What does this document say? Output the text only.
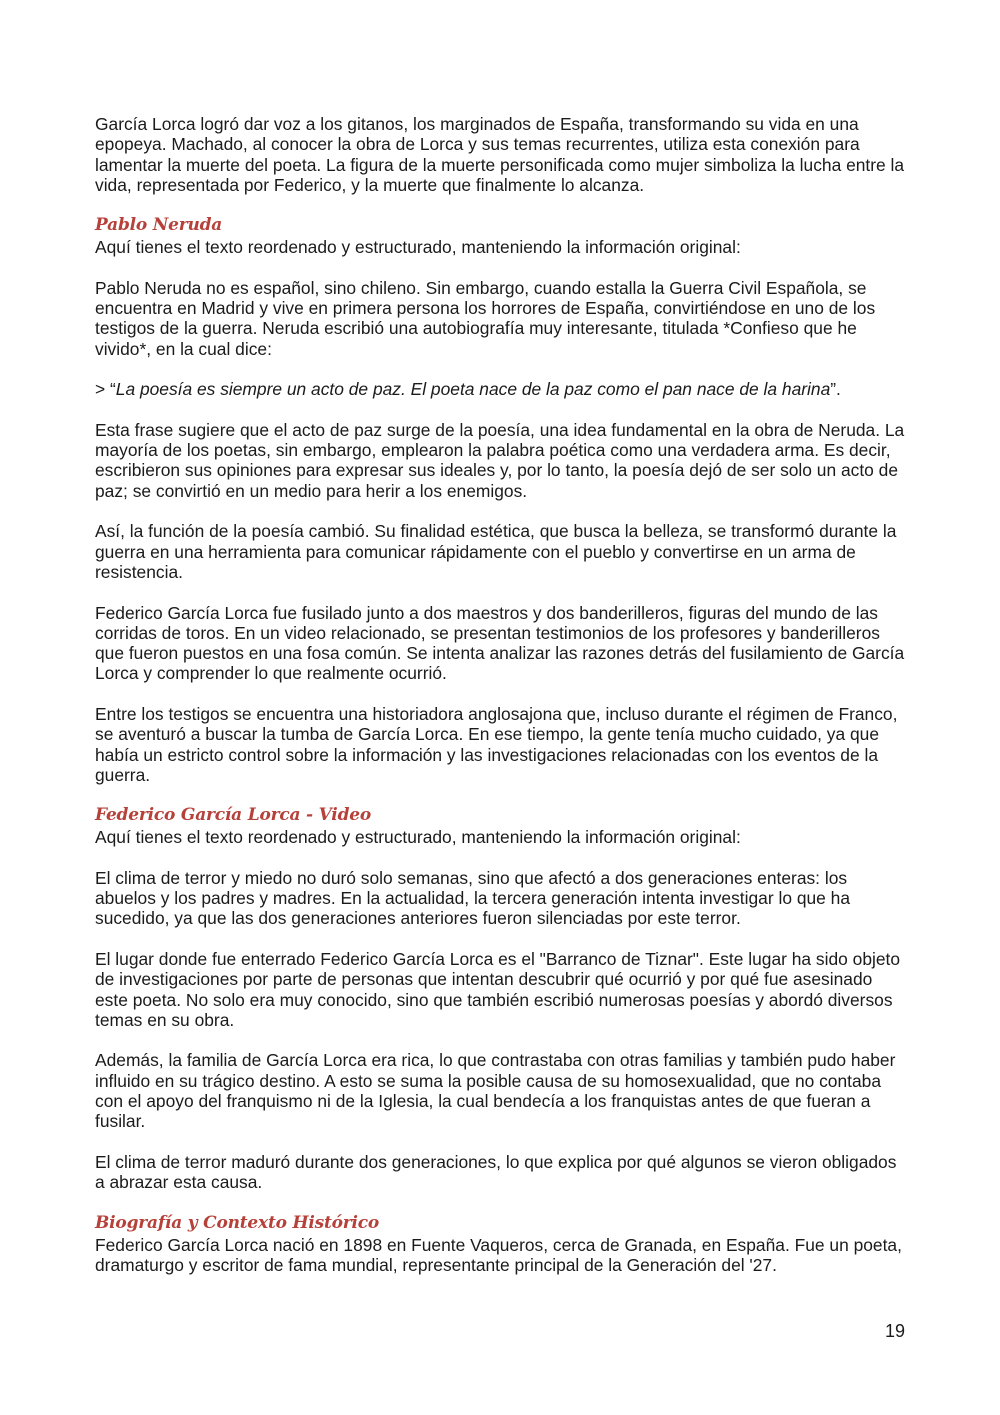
García Lorca logró dar voz a los gitanos, los marginados de España, transformando su vida en una epopeya. Machado, al conocer la obra de Lorca y sus temas recurrentes, utiliza esta conexión para lamentar la muerte del poeta. La figura de la muerte personificada como mujer simboliza la lucha entre la vida, representada por Federico, y la muerte que finalmente lo alcanza.

Pablo Neruda

Aquí tienes el texto reordenado y estructurado, manteniendo la información original:

Pablo Neruda no es español, sino chileno. Sin embargo, cuando estalla la Guerra Civil Española, se encuentra en Madrid y vive en primera persona los horrores de España, convirtiéndose en uno de los testigos de la guerra. Neruda escribió una autobiografía muy interesante, titulada *Confieso que he vivido*, en la cual dice:

> “La poesía es siempre un acto de paz. El poeta nace de la paz como el pan nace de la harina”.

Esta frase sugiere que el acto de paz surge de la poesía, una idea fundamental en la obra de Neruda. La mayoría de los poetas, sin embargo, emplearon la palabra poética como una verdadera arma. Es decir, escribieron sus opiniones para expresar sus ideales y, por lo tanto, la poesía dejó de ser solo un acto de paz; se convirtió en un medio para herir a los enemigos.

Así, la función de la poesía cambió. Su finalidad estética, que busca la belleza, se transformó durante la guerra en una herramienta para comunicar rápidamente con el pueblo y convertirse en un arma de resistencia.

Federico García Lorca fue fusilado junto a dos maestros y dos banderilleros, figuras del mundo de las corridas de toros. En un video relacionado, se presentan testimonios de los profesores y banderilleros que fueron puestos en una fosa común. Se intenta analizar las razones detrás del fusilamiento de García Lorca y comprender lo que realmente ocurrió.

Entre los testigos se encuentra una historiadora anglosajona que, incluso durante el régimen de Franco, se aventuró a buscar la tumba de García Lorca. En ese tiempo, la gente tenía mucho cuidado, ya que había un estricto control sobre la información y las investigaciones relacionadas con los eventos de la guerra.

Federico García Lorca - Video

Aquí tienes el texto reordenado y estructurado, manteniendo la información original:

El clima de terror y miedo no duró solo semanas, sino que afectó a dos generaciones enteras: los abuelos y los padres y madres. En la actualidad, la tercera generación intenta investigar lo que ha sucedido, ya que las dos generaciones anteriores fueron silenciadas por este terror.

El lugar donde fue enterrado Federico García Lorca es el "Barranco de Tiznar". Este lugar ha sido objeto de investigaciones por parte de personas que intentan descubrir qué ocurrió y por qué fue asesinado este poeta. No solo era muy conocido, sino que también escribió numerosas poesías y abordó diversos temas en su obra.

Además, la familia de García Lorca era rica, lo que contrastaba con otras familias y también pudo haber influido en su trágico destino. A esto se suma la posible causa de su homosexualidad, que no contaba con el apoyo del franquismo ni de la Iglesia, la cual bendecía a los franquistas antes de que fueran a fusilar.

El clima de terror maduró durante dos generaciones, lo que explica por qué algunos se vieron obligados a abrazar esta causa.

Biografía y Contexto Histórico

Federico García Lorca nació en 1898 en Fuente Vaqueros, cerca de Granada, en España. Fue un poeta, dramaturgo y escritor de fama mundial, representante principal de la Generación del '27.

19
